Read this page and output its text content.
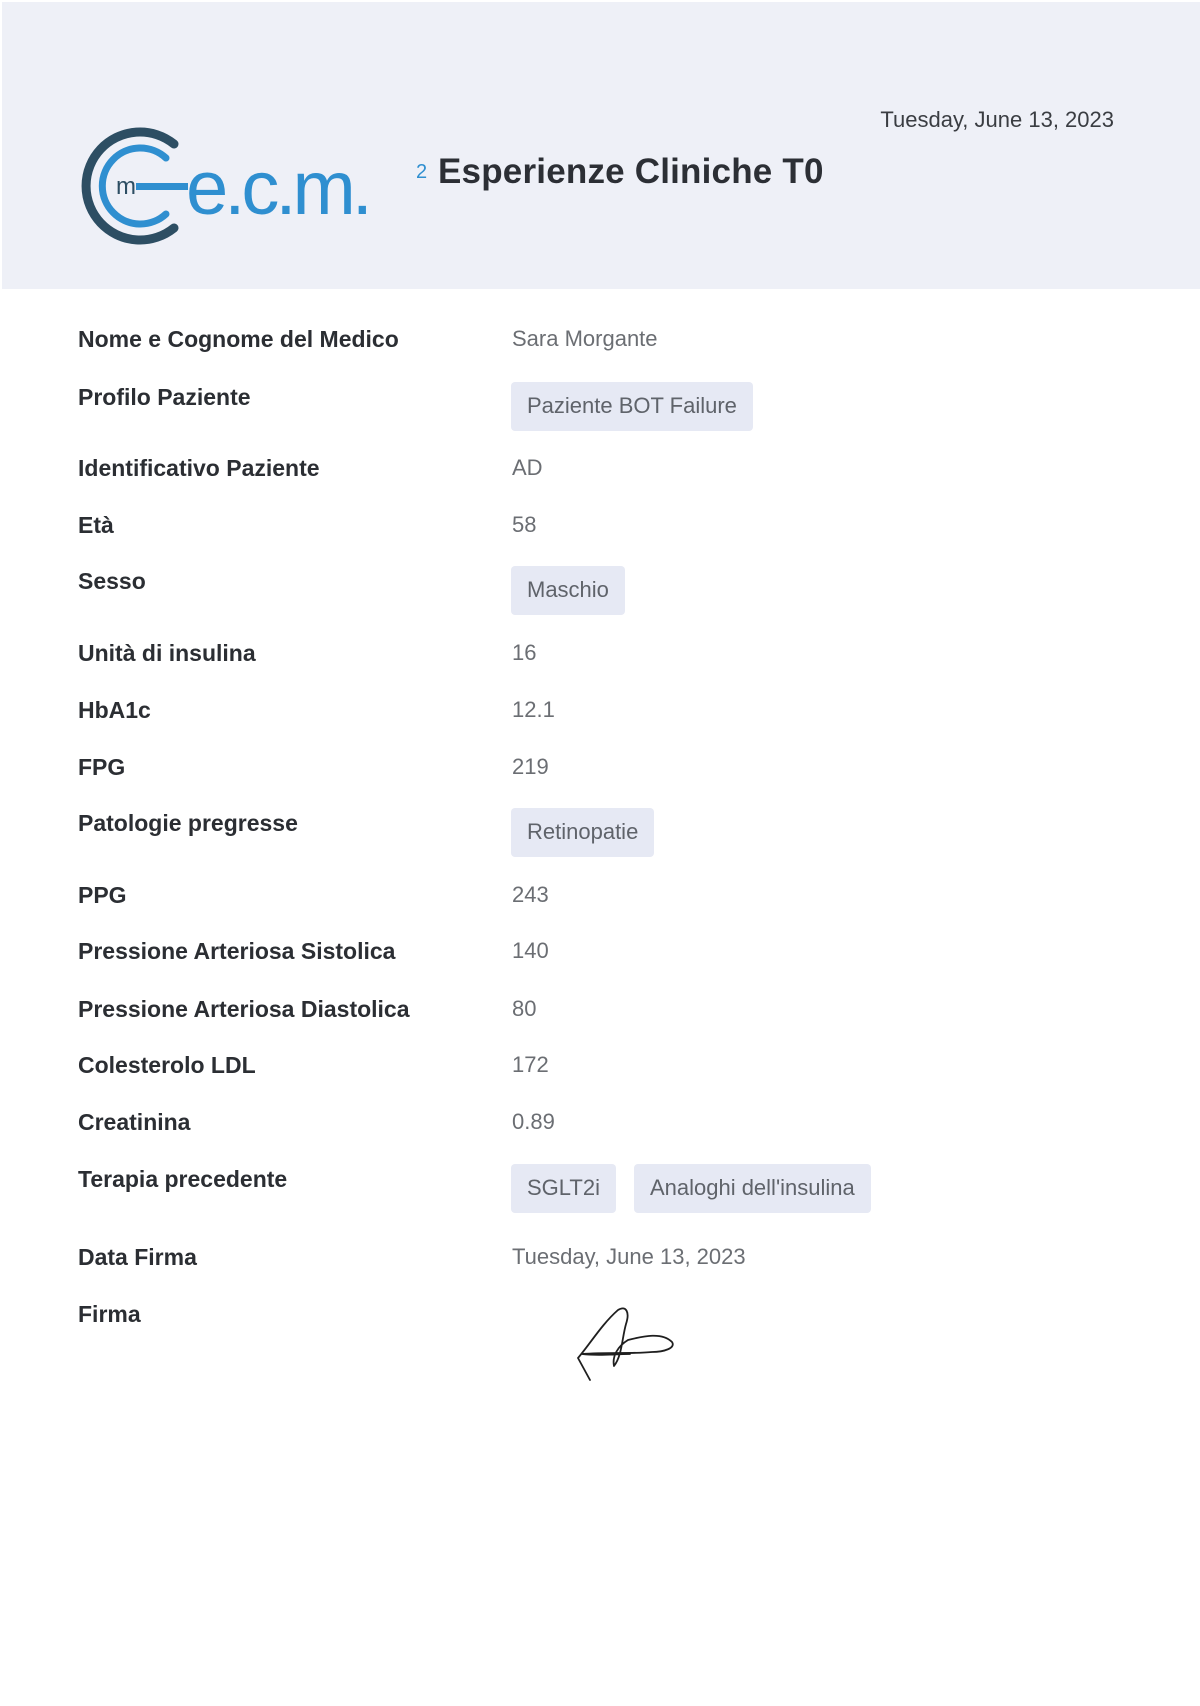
Tuesday, June 13, 2023
m e.c.m. 2 Esperienze Cliniche T0
Nome e Cognome del Medico	Sara Morgante
Profilo Paziente	Paziente BOT Failure
Identificativo Paziente	AD
Età	58
Sesso	Maschio
Unità di insulina	16
HbA1c	12.1
FPG	219
Patologie pregresse	Retinopatie
PPG	243
Pressione Arteriosa Sistolica	140
Pressione Arteriosa Diastolica	80
Colesterolo LDL	172
Creatinina	0.89
Terapia precedente	SGLT2i	Analoghi dell'insulina
Data Firma	Tuesday, June 13, 2023
Firma
